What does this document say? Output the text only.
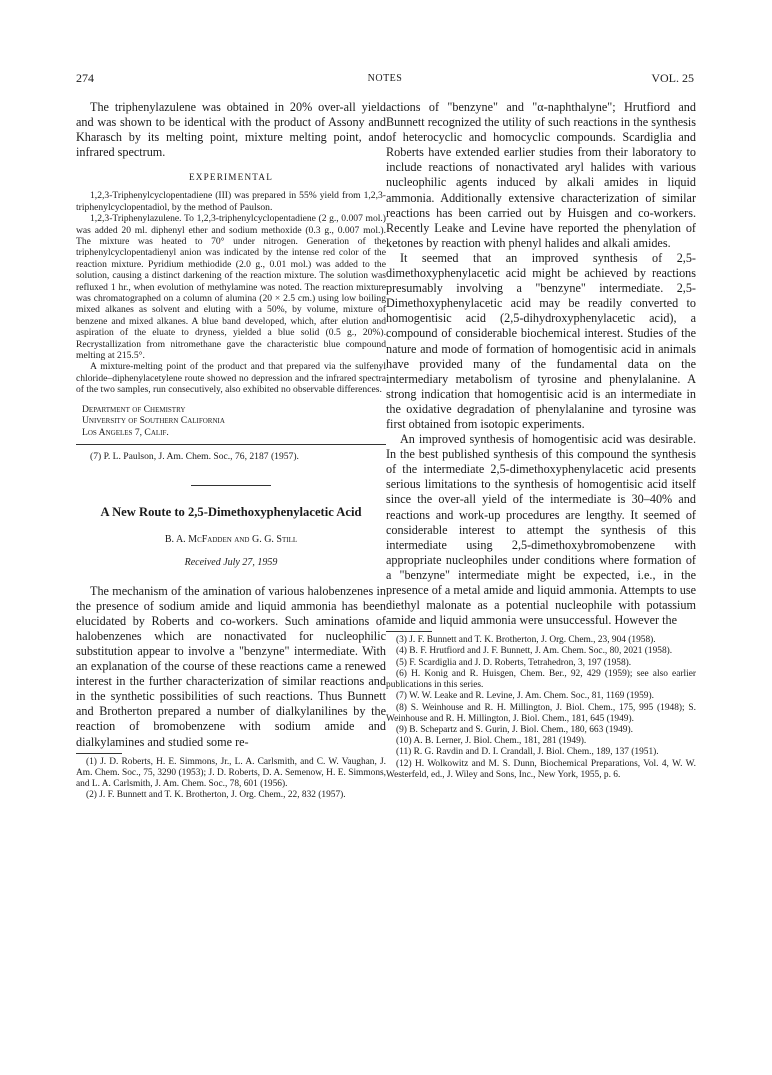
274	NOTES	VOL. 25

The triphenylazulene was obtained in 20% over-all yield and was shown to be identical with the product of Assony and Kharasch by its melting point, mixture melting point, and infrared spectrum.

EXPERIMENTAL

1,2,3-Triphenylcyclopentadiene (III) was prepared in 55% yield from 1,2,3-triphenylcyclopentadiol, by the method of Paulson.

1,2,3-Triphenylazulene. To 1,2,3-triphenylcyclopentadiene (2 g., 0.007 mol.) was added 20 ml. diphenyl ether and sodium methoxide (0.3 g., 0.007 mol.). The mixture was heated to 70° under nitrogen. Generation of the triphenylcyclopentadienyl anion was indicated by the intense red color of the reaction mixture. Pyridium methiodide (2.0 g., 0.01 mol.) was added to the solution, causing a distinct darkening of the reaction mixture. The solution was refluxed 1 hr., when evolution of methylamine was noted. The reaction mixture was chromatographed on a column of alumina (20 × 2.5 cm.) using low boiling mixed alkanes as solvent and eluting with a 50%, by volume, mixture of benzene and mixed alkanes. A blue band developed, which, after elution and aspiration of the eluate to dryness, yielded a blue solid (0.5 g., 20%). Recrystallization from nitromethane gave the characteristic blue compound melting at 215.5°.

A mixture-melting point of the product and that prepared via the sulfenyl chloride–diphenylacetylene route showed no depression and the infrared spectra of the two samples, run consecutively, also exhibited no observable differences.

Department of Chemistry
University of Southern California
Los Angeles 7, Calif.

(7) P. L. Paulson, J. Am. Chem. Soc., 76, 2187 (1957).

A New Route to 2,5-Dimethoxyphenylacetic Acid

B. A. McFadden and G. G. Still

Received July 27, 1959

The mechanism of the amination of various halobenzenes in the presence of sodium amide and liquid ammonia has been elucidated by Roberts and co-workers. Such aminations of halobenzenes which are nonactivated for nucleophilic substitution appear to involve a "benzyne" intermediate. With an explanation of the course of these reactions came a renewed interest in the further characterization of similar reactions and in the synthetic possibilities of such reactions. Thus Bunnett and Brotherton prepared a number of dialkylanilines by the reaction of bromobenzene with sodium amide and dialkylamines and studied some re-

(1) J. D. Roberts, H. E. Simmons, Jr., L. A. Carlsmith, and C. W. Vaughan, J. Am. Chem. Soc., 75, 3290 (1953); J. D. Roberts, D. A. Semenow, H. E. Simmons, and L. A. Carlsmith, J. Am. Chem. Soc., 78, 601 (1956).

(2) J. F. Bunnett and T. K. Brotherton, J. Org. Chem., 22, 832 (1957).

actions of "benzyne" and "α-naphthalyne"; Hrutfiord and Bunnett recognized the utility of such reactions in the synthesis of heterocyclic and homocyclic compounds. Scardiglia and Roberts have extended earlier studies from their laboratory to include reactions of nonactivated aryl halides with various nucleophilic agents induced by alkali amides in liquid ammonia. Additionally extensive characterization of similar reactions has been carried out by Huisgen and co-workers. Recently Leake and Levine have reported the phenylation of ketones by reaction with phenyl halides and alkali amides.

It seemed that an improved synthesis of 2,5-dimethoxyphenylacetic acid might be achieved by reactions presumably involving a "benzyne" intermediate. 2,5-Dimethoxyphenylacetic acid may be readily converted to homogentisic acid (2,5-dihydroxyphenylacetic acid), a compound of considerable biochemical interest. Studies of the nature and mode of formation of homogentisic acid in animals have provided many of the fundamental data on the intermediary metabolism of tyrosine and phenylalanine. A strong indication that homogentisic acid is an intermediate in the oxidative degradation of phenylalanine and tyrosine was first obtained from isotopic experiments.

An improved synthesis of homogentisic acid was desirable. In the best published synthesis of this compound the synthesis of the intermediate 2,5-dimethoxyphenylacetic acid presents serious limitations to the synthesis of homogentisic acid itself since the over-all yield of the intermediate is 30–40% and reactions and work-up procedures are lengthy. It seemed of considerable interest to attempt the synthesis of this intermediate using 2,5-dimethoxybromobenzene with appropriate nucleophiles under conditions where formation of a "benzyne" intermediate might be expected, i.e., in the presence of a metal amide and liquid ammonia. Attempts to use diethyl malonate as a potential nucleophile with potassium amide and liquid ammonia were unsuccessful. However the

(3) J. F. Bunnett and T. K. Brotherton, J. Org. Chem., 23, 904 (1958).

(4) B. F. Hrutfiord and J. F. Bunnett, J. Am. Chem. Soc., 80, 2021 (1958).

(5) F. Scardiglia and J. D. Roberts, Tetrahedron, 3, 197 (1958).

(6) H. Konig and R. Huisgen, Chem. Ber., 92, 429 (1959); see also earlier publications in this series.

(7) W. W. Leake and R. Levine, J. Am. Chem. Soc., 81, 1169 (1959).

(8) S. Weinhouse and R. H. Millington, J. Biol. Chem., 175, 995 (1948); S. Weinhouse and R. H. Millington, J. Biol. Chem., 181, 645 (1949).

(9) B. Schepartz and S. Gurin, J. Biol. Chem., 180, 663 (1949).

(10) A. B. Lerner, J. Biol. Chem., 181, 281 (1949).

(11) R. G. Ravdin and D. I. Crandall, J. Biol. Chem., 189, 137 (1951).

(12) H. Wolkowitz and M. S. Dunn, Biochemical Preparations, Vol. 4, W. W. Westerfeld, ed., J. Wiley and Sons, Inc., New York, 1955, p. 6.
